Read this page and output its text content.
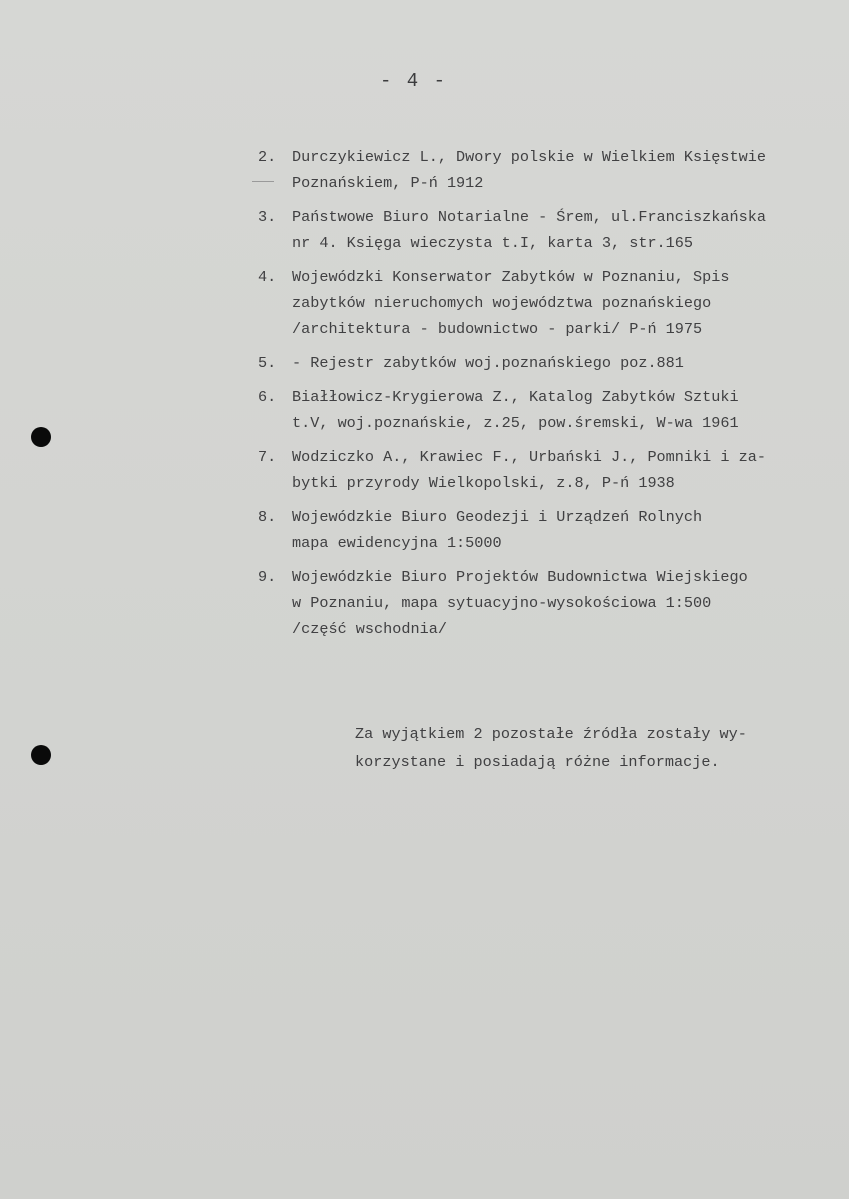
- 4 -
2.	Durczykiewicz L., Dwory polskie w Wielkiem Księstwie
Poznańskiem, P-ń 1912
3.	Państwowe Biuro Notarialne - Śrem, ul.Franciszkańska
nr 4. Księga wieczysta t.I, karta 3, str.165
4.	Wojewódzki Konserwator Zabytków w Poznaniu, Spis
zabytków nieruchomych województwa poznańskiego
/architektura - budownictwo - parki/ P-ń 1975
5.	- Rejestr zabytków woj.poznańskiego poz.881
6.	Białłowicz-Krygierowa Z., Katalog Zabytków Sztuki
t.V, woj.poznańskie, z.25, pow.śremski, W-wa 1961
7.	Wodziczko A., Krawiec F., Urbański J., Pomniki i za-
bytki przyrody Wielkopolski, z.8, P-ń 1938
8.	Wojewódzkie Biuro Geodezji i Urządzeń Rolnych
mapa ewidencyjna 1:5000
9.	Wojewódzkie Biuro Projektów Budownictwa Wiejskiego
w Poznaniu, mapa sytuacyjno-wysokościowa 1:500
/część wschodnia/
Za wyjątkiem 2 pozostałe źródła zostały wy-
korzystane i posiadają różne informacje.
